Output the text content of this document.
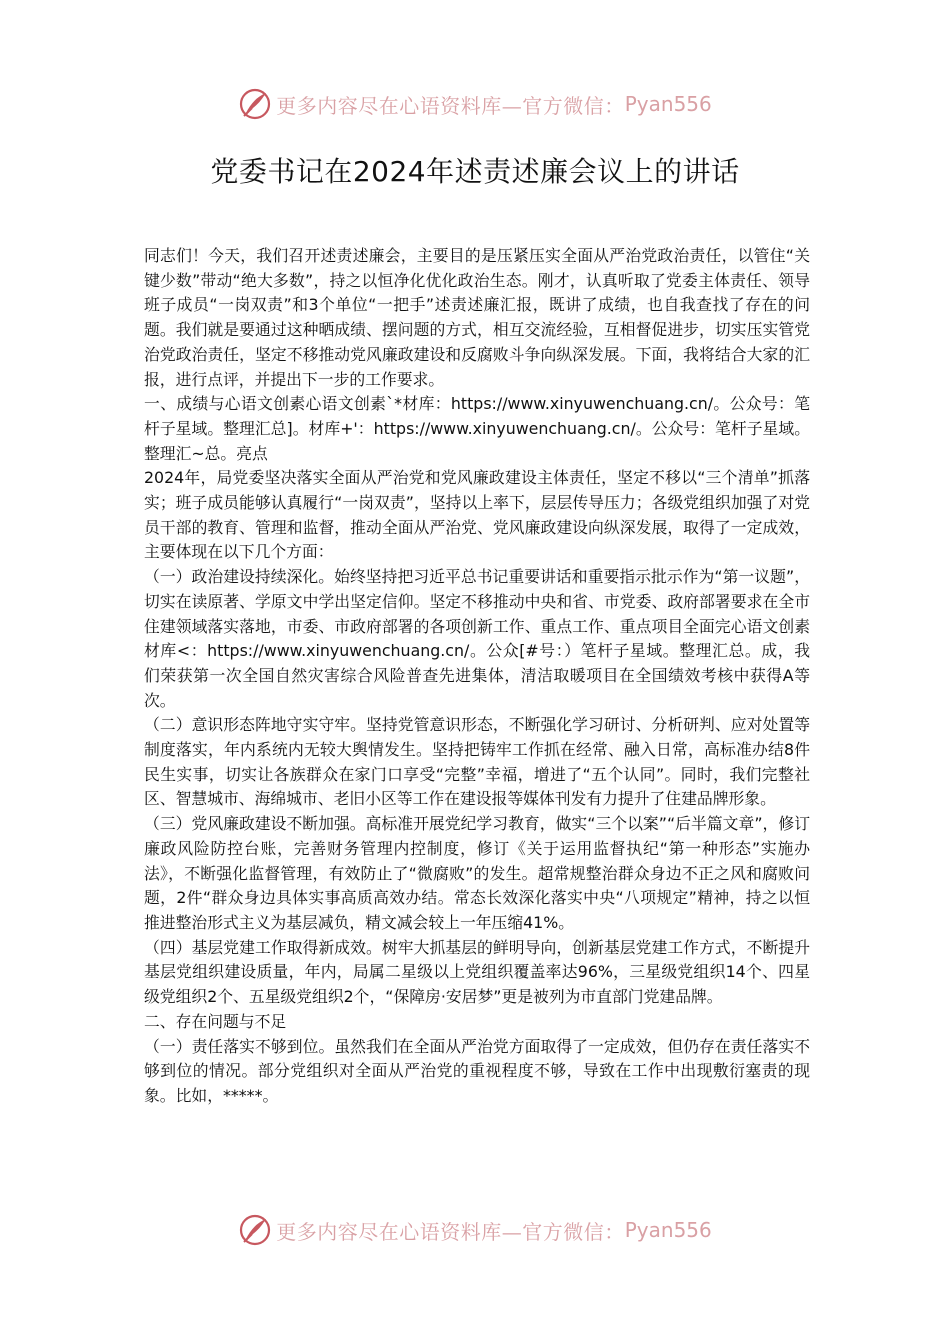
更多内容尽在心语资料库—官方微信： Pyan556
党委书记在2024年述责述廉会议上的讲话

同志们！今天，我们召开述责述廉会，主要目的是压紧压实全面从严治党政治责任，以管住“关键少数”带动“绝大多数”，持之以恒净化优化政治生态。刚才，认真听取了党委主体责任、领导班子成员“一岗双责”和3个单位“一把手”述责述廉汇报，既讲了成绩，也自我查找了存在的问题。我们就是要通过这种晒成绩、摆问题的方式，相互交流经验，互相督促进步，切实压实管党治党政治责任，坚定不移推动党风廉政建设和反腐败斗争向纵深发展。下面，我将结合大家的汇报，进行点评，并提出下一步的工作要求。

一、成绩与心语文创素心语文创素`*材库：https://www.xinyuwenchuang.cn/。公众号：笔杆子星域。整理汇总]。材库+'：https://www.xinyuwenchuang.cn/。公众号：笔杆子星域。整理汇~总。亮点

2024年，局党委坚决落实全面从严治党和党风廉政建设主体责任，坚定不移以“三个清单”抓落实；班子成员能够认真履行“一岗双责”，坚持以上率下，层层传导压力；各级党组织加强了对党员干部的教育、管理和监督，推动全面从严治党、党风廉政建设向纵深发展，取得了一定成效，主要体现在以下几个方面：

（一）政治建设持续深化。始终坚持把习近平总书记重要讲话和重要指示批示作为“第一议题”，切实在读原著、学原文中学出坚定信仰。坚定不移推动中央和省、市党委、政府部署要求在全市住建领域落实落地，市委、市政府部署的各项创新工作、重点工作、重点项目全面完心语文创素材库<：https://www.xinyuwenchuang.cn/。公众[#号：）笔杆子星域。整理汇总。成，我们荣获第一次全国自然灾害综合风险普查先进集体，清洁取暖项目在全国绩效考核中获得A等次。

（二）意识形态阵地守实守牢。坚持党管意识形态，不断强化学习研讨、分析研判、应对处置等制度落实，年内系统内无较大舆情发生。坚持把铸牢工作抓在经常、融入日常，高标准办结8件民生实事，切实让各族群众在家门口享受“完整”幸福，增进了“五个认同”。同时，我们完整社区、智慧城市、海绵城市、老旧小区等工作在建设报等媒体刊发有力提升了住建品牌形象。

（三）党风廉政建设不断加强。高标准开展党纪学习教育，做实“三个以案”“后半篇文章”，修订廉政风险防控台账，完善财务管理内控制度，修订《关于运用监督执纪“第一种形态”实施办法》，不断强化监督管理，有效防止了“微腐败”的发生。超常规整治群众身边不正之风和腐败问题，2件“群众身边具体实事高质高效办结。常态长效深化落实中央“八项规定”精神，持之以恒推进整治形式主义为基层减负，精文减会较上一年压缩41%。

（四）基层党建工作取得新成效。树牢大抓基层的鲜明导向，创新基层党建工作方式，不断提升基层党组织建设质量，年内，局属二星级以上党组织覆盖率达96%，三星级党组织14个、四星级党组织2个、五星级党组织2个，“保障房·安居梦”更是被列为市直部门党建品牌。

二、存在问题与不足

（一）责任落实不够到位。虽然我们在全面从严治党方面取得了一定成效，但仍存在责任落实不够到位的情况。部分党组织对全面从严治党的重视程度不够，导致在工作中出现敷衍塞责的现象。比如，*****。

更多内容尽在心语资料库—官方微信： Pyan556
